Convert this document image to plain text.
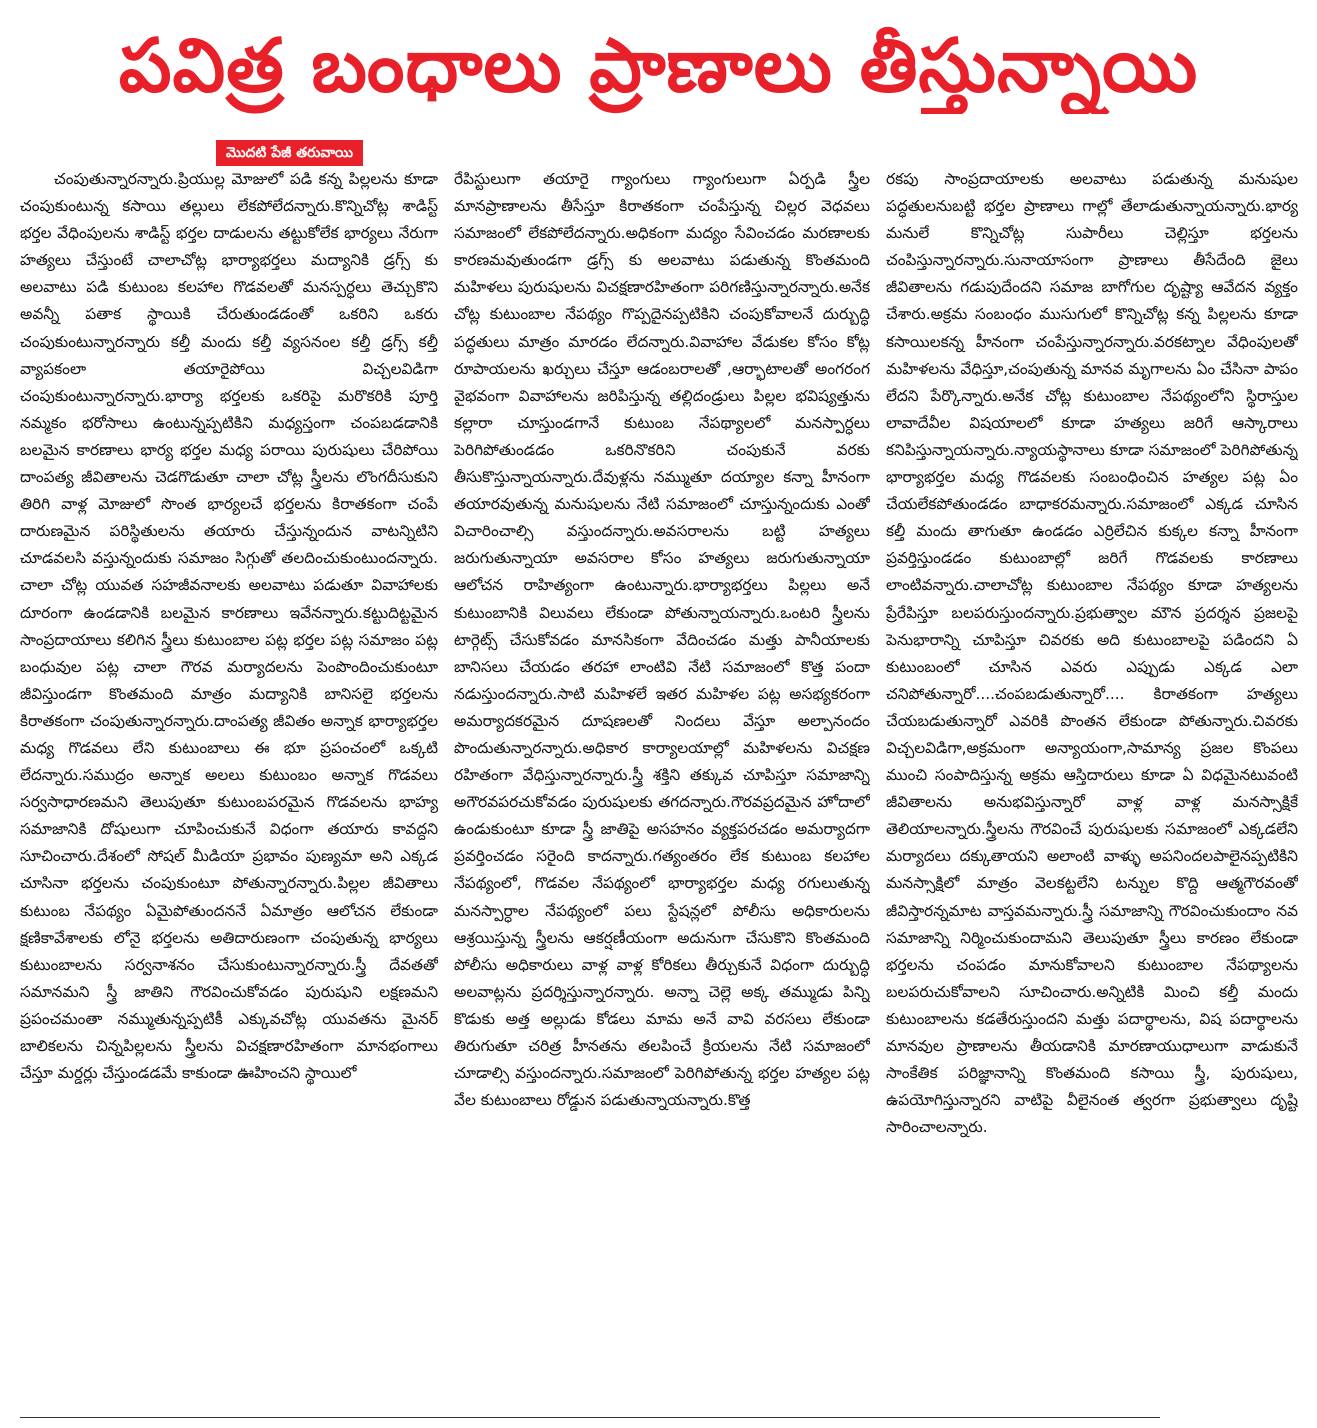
పవిత్ర బంధాలు ప్రాణాలు తీస్తున్నాయి
మొదటి పేజీ తరువాయి

చంపుతున్నారన్నారు.ప్రియుల్ల మోజులో పడి కన్న పిల్లలను కూడా చంపుకుంటున్న కసాయి తల్లులు లేకపోలేదన్నారు.కొన్నిచోట్ల శాడిస్ట్ భర్తల వేధింపులను శాడిస్ట్ భర్తల దాడులను తట్టుకోలేక భార్యలు నేరుగా హత్యలు చేస్తుంటే చాలాచోట్ల భార్యాభర్తలు మద్యానికి డ్రగ్స్ కు అలవాటు పడి కుటుంబ కలహాల గొడవలతో మనస్పర్ధలు తెచ్చుకొని అవన్నీ పతాక స్థాయికి చేరుతుండడంతో ఒకరిని ఒకరు చంపుకుంటున్నారన్నారు కల్తీ మందు కల్తీ వ్యసనంల కల్తీ డ్రగ్స్ కల్తీ వ్యాపకంలా తయారైపోయి విచ్చలవిడిగా చంపుకుంటున్నారన్నారు.భార్యా భర్తలకు ఒకరిపై మరొకరికి పూర్తి నమ్మకం భరోసాలు ఉంటున్నప్పటికిని మధ్యస్తంగా చంపబడడానికి బలమైన కారణాలు భార్య భర్తల మధ్య పరాయి పురుషులు చేరిపోయి దాంపత్య జీవితాలను చెడగొడుతూ చాలా చోట్ల స్త్రీలను లొంగదీసుకుని తిరిగి వాళ్ల మోజులో సొంత భార్యలచే భర్తలను కిరాతకంగా చంపే దారుణమైన పరిస్థితులను తయారు చేస్తున్నందున వాటన్నిటిని చూడవలసి వస్తున్నందుకు సమాజం సిగ్గుతో తలదించుకుంటుందన్నారు. చాలా చోట్ల యువత సహజీవనాలకు అలవాటు పడుతూ వివాహాలకు దూరంగా ఉండడానికి బలమైన కారణాలు ఇవేనన్నారు.కట్టుదిట్టమైన సాంప్రదాయాలు కలిగిన స్త్రీలు కుటుంబాల పట్ల భర్తల పట్ల సమాజం పట్ల బంధువుల పట్ల చాలా గౌరవ మర్యాదలను పెంపొందించుకుంటూ జీవిస్తుండగా కొంతమంది మాత్రం మద్యానికి బానిసలై భర్తలను కిరాతకంగా చంపుతున్నారన్నారు.దాంపత్య జీవితం అన్నాక భార్యాభర్తల మధ్య గొడవలు లేని కుటుంబాలు ఈ భూ ప్రపంచంలో ఒక్కటి లేదన్నారు.సముద్రం అన్నాక అలలు కుటుంబం అన్నాక గొడవలు సర్వసాధారణమని తెలుపుతూ కుటుంబపరమైన గొడవలను భాహ్య సమాజానికి దోషులుగా చూపించుకునే విధంగా తయారు కావద్దని సూచించారు.దేశంలో సోషల్ మీడియా ప్రభావం పుణ్యమా అని ఎక్కడ చూసినా భర్తలను చంపుకుంటూ పోతున్నారన్నారు.పిల్లల జీవితాలు కుటుంబ నేపథ్యం ఏమైపోతుందననే ఏమాత్రం ఆలోచన లేకుండా క్షణికావేశాలకు లోనై భర్తలను అతిదారుణంగా చంపుతున్న భార్యలు కుటుంబాలను సర్వనాశనం చేసుకుంటున్నారన్నారు.స్త్రీ దేవతతో సమానమని స్త్రీ జాతిని గౌరవించుకోవడం పురుషుని లక్షణమని ప్రపంచమంతా నమ్ముతున్నప్పటికీ ఎక్కువచోట్ల యువతను మైనర్ బాలికలను చిన్నపిల్లలను స్త్రీలను విచక్షణారహితంగా మానభంగాలు చేస్తూ మర్డర్లు చేస్తుండడమే కాకుండా ఊహించని స్థాయిలో

రేపిస్టులుగా తయారై గ్యాంగులు గ్యాంగులుగా ఏర్పడి స్త్రీల మానప్రాణాలను తీసేస్తూ కిరాతకంగా చంపేస్తున్న చిల్లర వెధవలు సమాజంలో లేకపోలేదన్నారు.అధికంగా మద్యం సేవించడం మరణాలకు కారణమవుతుండగా డ్రగ్స్ కు అలవాటు పడుతున్న కొంతమంది మహిళలు పురుషులను విచక్షణారహితంగా పరిగణిస్తున్నారన్నారు.అనేక చోట్ల కుటుంబాల నేపథ్యం గొప్పదైనప్పటికిని చంపుకోవాలనే దుర్బుద్ధి పద్ధతులు మాత్రం మారడం లేదన్నారు.వివాహాల వేడుకల కోసం కోట్ల రూపాయలను ఖర్చులు చేస్తూ ఆడంబరాలతో ,ఆర్భాటాలతో అంగరంగ వైభవంగా వివాహాలను జరిపిస్తున్న తల్లిదండ్రులు పిల్లల భవిష్యత్తును కల్లారా చూస్తుండగానే కుటుంబ నేపథ్యాలలో మనస్పార్ధలు పెరిగిపోతుండడం ఒకరినొకరిని చంపుకునే వరకు తీసుకొస్తున్నాయన్నారు.దేవుళ్లను నమ్ముతూ దయ్యాల కన్నా హీనంగా తయారవుతున్న మనుషులను నేటి సమాజంలో చూస్తున్నందుకు ఎంతో విచారించాల్సి వస్తుందన్నారు.అవసరాలను బట్టి హత్యలు జరుగుతున్నాయా అవసరాల కోసం హత్యలు జరుగుతున్నాయా ఆలోచన రాహిత్యంగా ఉంటున్నారు.భార్యాభర్తలు పిల్లలు అనే కుటుంబానికి విలువలు లేకుండా పోతున్నాయన్నారు.ఒంటరి స్త్రీలను టార్గెట్స్ చేసుకోవడం మానసికంగా వేదించడం మత్తు పానీయాలకు బానిసలు చేయడం తరహా లాంటివి నేటి సమాజంలో కొత్త పందా నడుస్తుందన్నారు.సాటి మహిళలే ఇతర మహిళల పట్ల అసభ్యకరంగా అమర్యాదకరమైన దూషణలతో నిందలు వేస్తూ అల్పానందం పొందుతున్నారన్నారు.అధికార కార్యాలయాల్లో మహిళలను విచక్షణ రహితంగా వేధిస్తున్నారన్నారు.స్త్రీ శక్తిని తక్కువ చూపిస్తూ సమాజాన్ని అగౌరవపరచుకోవడం పురుషులకు తగదన్నారు.గౌరవప్రదమైన హోదాలో ఉండుకుంటూ కూడా స్త్రీ జాతిపై అసహనం వ్యక్తపరచడం అమర్యాదగా ప్రవర్తించడం సరైంది కాదన్నారు.గత్యంతరం లేక కుటుంబ కలహాల నేపథ్యంలో, గొడవల నేపథ్యంలో భార్యాభర్తల మధ్య రగులుతున్న మనస్పార్ధాల నేపథ్యంలో పలు స్టేషన్లలో పోలీసు అధికారులను ఆశ్రయిస్తున్న స్త్రీలను ఆకర్షణీయంగా అదునుగా చేసుకొని కొంతమంది పోలీసు అధికారులు వాళ్ల వాళ్ల కోరికలు తీర్చుకునే విధంగా దుర్బుద్ధి అలవాట్లను ప్రదర్శిస్తున్నారన్నారు. అన్నా చెల్లె అక్క తమ్ముడు పిన్ని కొడుకు అత్త అల్లుడు కోడలు మామ అనే వావి వరసలు లేకుండా తిరుగుతూ చరిత్ర హీనతను తలపించే క్రియలను నేటి సమాజంలో చూడాల్సి వస్తుందన్నారు.సమాజంలో పెరిగిపోతున్న భర్తల హత్యల పట్ల వేల కుటుంబాలు రోడ్డున పడుతున్నాయన్నారు.కొత్త

రకపు సాంప్రదాయాలకు అలవాటు పడుతున్న మనుషుల పద్ధతులనుబట్టి భర్తల ప్రాణాలు గాల్లో తేలాడుతున్నాయన్నారు.భార్య మనులే కొన్నిచోట్ల సుపారీలు చెల్లిస్తూ భర్తలను చంపిస్తున్నారన్నారు.సునాయాసంగా ప్రాణాలు తీసేదేంది జైలు జీవితాలను గడుపుదేందని సమాజ బాగోగుల దృష్ట్యా ఆవేదన వ్యక్తం చేశారు.అక్రమ సంబంధం ముసుగులో కొన్నిచోట్ల కన్న పిల్లలను కూడా కసాయిలకన్న హీనంగా చంపేస్తున్నారన్నారు.వరకట్నాల వేధింపులతో మహిళలను వేధిస్తూ,చంపుతున్న మానవ మృగాలను ఏం చేసినా పాపం లేదని పేర్కొన్నారు.అనేక చోట్ల కుటుంబాల నేపథ్యంలోని స్థిరాస్తుల లావాదేవీల విషయాలలో కూడా హత్యలు జరిగే ఆస్కారాలు కనిపిస్తున్నాయన్నారు.న్యాయస్థానాలు కూడా సమాజంలో పెరిగిపోతున్న భార్యాభర్తల మధ్య గొడవలకు సంబంధించిన హత్యల పట్ల ఏం చేయలేకపోతుండడం బాధాకరమన్నారు.సమాజంలో ఎక్కడ చూసిన కల్తీ మందు తాగుతూ ఉండడం ఎర్రిలేచిన కుక్కల కన్నా హీనంగా ప్రవర్తిస్తుండడం కుటుంబాల్లో జరిగే గొడవలకు కారణాలు లాంటివన్నారు.చాలాచోట్ల కుటుంబాల నేపథ్యం కూడా హత్యలను ప్రేరేపిస్తూ బలపరుస్తుందన్నారు.ప్రభుత్వాల మౌన ప్రదర్శన ప్రజలపై పెనుభారాన్ని చూపిస్తూ చివరకు అది కుటుంబాలపై పడిందని ఏ కుటుంబంలో చూసిన ఎవరు ఎప్పుడు ఎక్కడ ఎలా చనిపోతున్నారో....చంపబడుతున్నారో.... కిరాతకంగా హత్యలు చేయబడుతున్నారో ఎవరికి పొంతన లేకుండా పోతున్నారు.చివరకు విచ్చలవిడిగా,అక్రమంగా అన్యాయంగా,సామాన్య ప్రజల కొంపలు ముంచి సంపాదిస్తున్న అక్రమ ఆస్తిదారులు కూడా ఏ విధమైనటువంటి జీవితాలను అనుభవిస్తున్నారో వాళ్ల వాళ్ల మనస్సాక్షికే తెలియాలన్నారు.స్త్రీలను గౌరవించే పురుషులకు సమాజంలో ఎక్కడలేని మర్యాదలు దక్కుతాయని అలాంటి వాళ్ళు అపనిందలపాలైనప్పటికిని మనస్సాక్షిలో మాత్రం వెలకట్టలేని టన్నుల కొద్ది ఆత్మగౌరవంతో జీవిస్తారన్నమాట వాస్తవమన్నారు.స్త్రీ సమాజాన్ని గౌరవించుకుందాం నవ సమాజాన్ని నిర్మించుకుందామని తెలుపుతూ స్త్రీలు కారణం లేకుండా భర్తలను చంపడం మానుకోవాలని కుటుంబాల నేపథ్యాలను బలపరుచుకోవాలని సూచించారు.అన్నిటికి మించి కల్తీ మందు కుటుంబాలను కడతేరుస్తుందని మత్తు పదార్థాలను, విష పదార్థాలను మానవుల ప్రాణాలను తీయడానికి మారణాయుధాలుగా వాడుకునే సాంకేతిక పరిజ్ఞానాన్ని కొంతమంది కసాయి స్త్రీ, పురుషులు, ఉపయోగిస్తున్నారని వాటిపై వీలైనంత త్వరగా ప్రభుత్వాలు దృష్టి సారించాలన్నారు.
